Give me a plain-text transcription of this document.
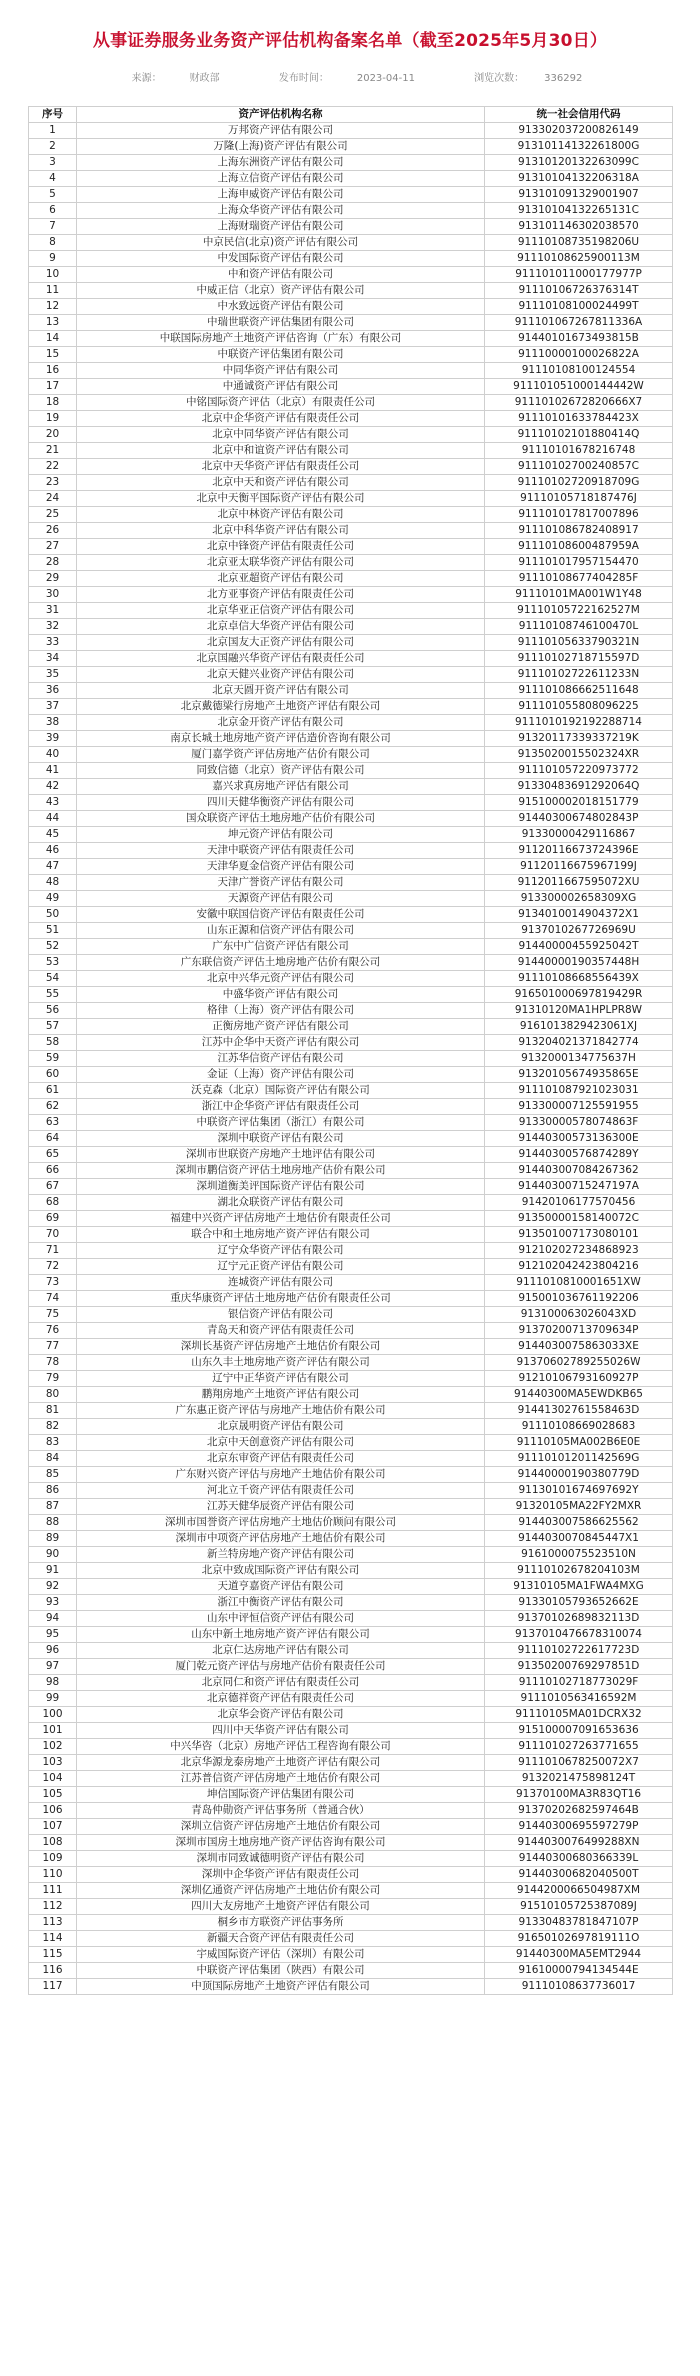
从事证券服务业务资产评估机构备案名单（截至2025年5月30日）
来源：	财政部	发布时间：	2023-04-11	浏览次数： 336292
序号	资产评估机构名称	统一社会信用代码
1	万邦资产评估有限公司	913302037200826149
2	万隆(上海)资产评估有限公司	91310114132261800G
3	上海东洲资产评估有限公司	91310120132263099C
4	上海立信资产评估有限公司	91310104132206318A
5	上海申威资产评估有限公司	913101091329001907
6	上海众华资产评估有限公司	91310104132265131C
7	上海财瑞资产评估有限公司	913101146302038570
8	中京民信(北京)资产评估有限公司	91110108735198206U
9	中发国际资产评估有限公司	91110108625900113M
10	中和资产评估有限公司	911101011000177977P
11	中威正信（北京）资产评估有限公司	91110106726376314T
12	中水致远资产评估有限公司	91110108100024499T
13	中瑞世联资产评估集团有限公司	911101067267811336A
14	中联国际房地产土地资产评估咨询（广东）有限公司	91440101673493815B
15	中联资产评估集团有限公司	91110000100026822A
16	中同华资产评估有限公司	91110108100124554
17	中通诚资产评估有限公司	911101051000144442W
18	中铭国际资产评估（北京）有限责任公司	91110102672820666X7
19	北京中企华资产评估有限责任公司	91110101633784423X
20	北京中同华资产评估有限公司	91110102101880414Q
21	北京中和谊资产评估有限公司	91110101678216748
22	北京中天华资产评估有限责任公司	91110102700240857C
23	北京中天和资产评估有限公司	91110102720918709G
24	北京中天衡平国际资产评估有限公司	91110105718187476J
25	北京中林资产评估有限公司	911101017817007896
26	北京中科华资产评估有限公司	911101086782408917
27	北京中锋资产评估有限责任公司	91110108600487959A
28	北京亚太联华资产评估有限公司	911101017957154470
29	北京亚超资产评估有限公司	91110108677404285F
30	北方亚事资产评估有限责任公司	91110101MA001W1Y48
31	北京华亚正信资产评估有限公司	91110105722162527M
32	北京卓信大华资产评估有限公司	91110108746100470L
33	北京国友大正资产评估有限公司	91110105633790321N
34	北京国融兴华资产评估有限责任公司	91110102718715597D
35	北京天健兴业资产评估有限公司	91110102722611233N
36	北京天圆开资产评估有限公司	911101086662511648
37	北京戴德梁行房地产土地资产评估有限公司	911101055808096225
38	北京金开资产评估有限公司	9111010192192288714
39	南京长城土地房地产资产评估造价咨询有限公司	91320117339337219K
40	厦门嘉学资产评估房地产估价有限公司	9135020015502324XR
41	同致信德（北京）资产评估有限公司	911101057220973772
42	嘉兴求真房地产评估有限公司	91330483691292064Q
43	四川天健华衡资产评估有限公司	915100002018151779
44	国众联资产评估土地房地产估价有限公司	91440300674802843P
45	坤元资产评估有限公司	91330000429116867
46	天津中联资产评估有限责任公司	91120116673724396E
47	天津华夏金信资产评估有限公司	91120116675967199J
48	天津广誉资产评估有限公司	9112011667595072XU
49	天源资产评估有限公司	913300002658309XG
50	安徽中联国信资产评估有限责任公司	9134010014904372X1
51	山东正源和信资产评估有限公司	9137010267726969U
52	广东中广信资产评估有限公司	91440000455925042T
53	广东联信资产评估土地房地产估价有限公司	91440000190357448H
54	北京中兴华元资产评估有限公司	91110108668556439X
55	中盛华资产评估有限公司	916501000697819429R
56	格律（上海）资产评估有限公司	91310120MA1HPLPR8W
57	正衡房地产资产评估有限公司	9161013829423061XJ
58	江苏中企华中天资产评估有限公司	913204021371842774
59	江苏华信资产评估有限公司	9132000134775637H
60	金证（上海）资产评估有限公司	91320105674935865E
61	沃克森（北京）国际资产评估有限公司	911101087921023031
62	浙江中企华资产评估有限责任公司	913300007125591955
63	中联资产评估集团（浙江）有限公司	91330000578074863F
64	深圳中联资产评估有限公司	91440300573136300E
65	深圳市世联资产房地产土地评估有限公司	91440300576874289Y
66	深圳市鹏信资产评估土地房地产估价有限公司	914403007084267362
67	深圳道衡美评国际资产评估有限公司	91440300715247197A
68	湖北众联资产评估有限公司	91420106177570456
69	福建中兴资产评估房地产土地估价有限责任公司	91350000158140072C
70	联合中和土地房地产资产评估有限公司	913501007173080101
71	辽宁众华资产评估有限公司	912102027234868923
72	辽宁元正资产评估有限公司	912102042423804216
73	连城资产评估有限公司	9111010810001651XW
74	重庆华康资产评估土地房地产估价有限责任公司	915001036761192206
75	银信资产评估有限公司	913100063026043XD
76	青岛天和资产评估有限责任公司	91370200713709634P
77	深圳长基资产评估房地产土地估价有限公司	9144030075863033XE
78	山东久丰土地房地产资产评估有限公司	91370602789255026W
79	辽宁中正华资产评估有限公司	91210106793160927P
80	鹏翔房地产土地资产评估有限公司	91440300MA5EWDKB65
81	广东惠正资产评估与房地产土地估价有限公司	91441302761558463D
82	北京晟明资产评估有限公司	91110108669028683
83	北京中天创意资产评估有限公司	91110105MA002B6E0E
84	北京东审资产评估有限责任公司	91110101201142569G
85	广东财兴资产评估与房地产土地估价有限公司	91440000190380779D
86	河北立千资产评估有限责任公司	91130101674697692Y
87	江苏天健华辰资产评估有限公司	91320105MA22FY2MXR
88	深圳市国誉资产评估房地产土地估价顾问有限公司	914403007586625562
89	深圳市中项资产评估房地产土地估价有限公司	9144030070845447X1
90	新兰特房地产资产评估有限公司	9161000075523510N
91	北京中致成国际资产评估有限公司	91110102678204103M
92	天道亨嘉资产评估有限公司	91310105MA1FWA4MXG
93	浙江中衡资产评估有限公司	91330105793652662E
94	山东中评恒信资产评估有限公司	91370102689832113D
95	山东中新土地房地产资产评估有限公司	9137010476678310074
96	北京仁达房地产评估有限公司	91110102722617723D
97	厦门乾元资产评估与房地产估价有限责任公司	91350200769297851D
98	北京同仁和资产评估有限责任公司	91110102718773029F
99	北京德祥资产评估有限责任公司	9111010563416592M
100	北京华会资产评估有限公司	91110105MA01DCRX32
101	四川中天华资产评估有限公司	915100007091653636
102	中兴华咨（北京）房地产评估工程咨询有限公司	911101027263771655
103	北京华源龙泰房地产土地资产评估有限公司	9111010678250072X7
104	江苏普信资产评估房地产土地估价有限公司	9132021475898124T
105	坤信国际资产评估集团有限公司	91370100MA3R83QT16
106	青岛仲勋资产评估事务所（普通合伙）	91370202682597464B
107	深圳立信资产评估房地产土地估价有限公司	91440300695597279P
108	深圳市国房土地房地产资产评估咨询有限公司	9144030076499288XN
109	深圳市同致诚德明资产评估有限公司	91440300680366339L
110	深圳中企华资产评估有限责任公司	91440300682040500T
111	深圳亿通资产评估房地产土地估价有限公司	9144200066504987XM
112	四川大友房地产土地资产评估有限公司	91510105725387089J
113	桐乡市方联资产评估事务所	91330483781847107P
114	新疆天合资产评估有限责任公司	91650102697819111O
115	宇威国际资产评估（深圳）有限公司	91440300MA5EMT2944
116	中联资产评估集团（陕西）有限公司	91610000794134544E
117	中顶国际房地产土地资产评估有限公司	91110108637736017
